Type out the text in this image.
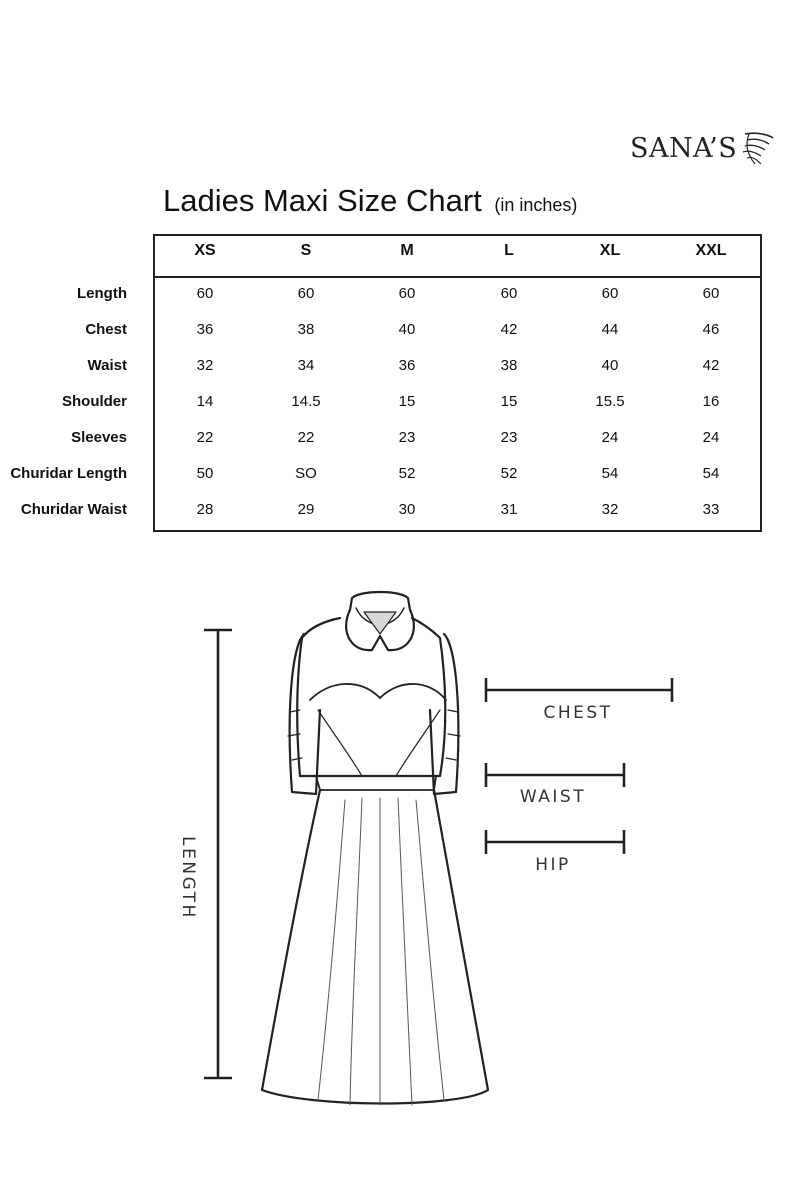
SANA’S
Ladies Maxi Size Chart (in inches)
XS	S	M	L	XL	XXL
Length	60	60	60	60	60	60
Chest	36	38	40	42	44	46
Waist	32	34	36	38	40	42
Shoulder	14	14.5	15	15	15.5	16
Sleeves	22	22	23	23	24	24
Churidar Length	50	SO	52	52	54	54
Churidar Waist	28	29	30	31	32	33
CHEST
WAIST
HIP
LENGTH
